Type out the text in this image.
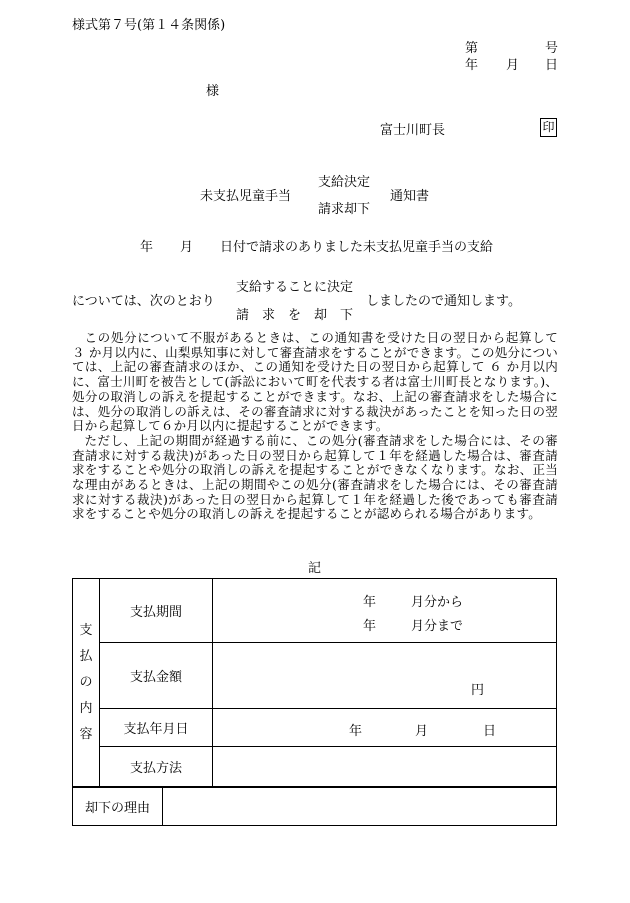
様式第７号(第１４条関係)
第	号
年 月 日
様
富士川町長	印
支給決定
未支払児童手当	通知書
請求却下
年 月 日付で請求のありました未支払児童手当の支給
支給することに決定
については、次のとおり	しましたので通知します。
請　求　を　却　下

この処分について不服があるときは、この通知書を受けた日の翌日から起算して ３ か月以内に、山梨県知事に対して審査請求をすることができます。この処分については、上記の審査請求のほか、この通知を受けた日の翌日から起算して ６ か月以内に、富士川町を被告として(訴訟において町を代表する者は富士川町長となります。)、処分の取消しの訴えを提起することができます。なお、上記の審査請求をした場合には、処分の取消しの訴えは、その審査請求に対する裁決があったことを知った日の翌日から起算して６か月以内に提起することができます。

ただし、上記の期間が経過する前に、この処分(審査請求をした場合には、その審査請求に対する裁決)があった日の翌日から起算して１年を経過した場合は、審査請求をすることや処分の取消しの訴えを提起することができなくなります。なお、正当な理由があるときは、上記の期間やこの処分(審査請求をした場合には、その審査請求に対する裁決)があった日の翌日から起算して１年を経過した後であっても審査請求をすることや処分の取消しの訴えを提起することが認められる場合があります。

記
支
払
の
内
容	支払期間	年 月分から
年 月分まで

	支払金額	円

	支払年月日	年 月 日

	支払方法	
却下の理由	
